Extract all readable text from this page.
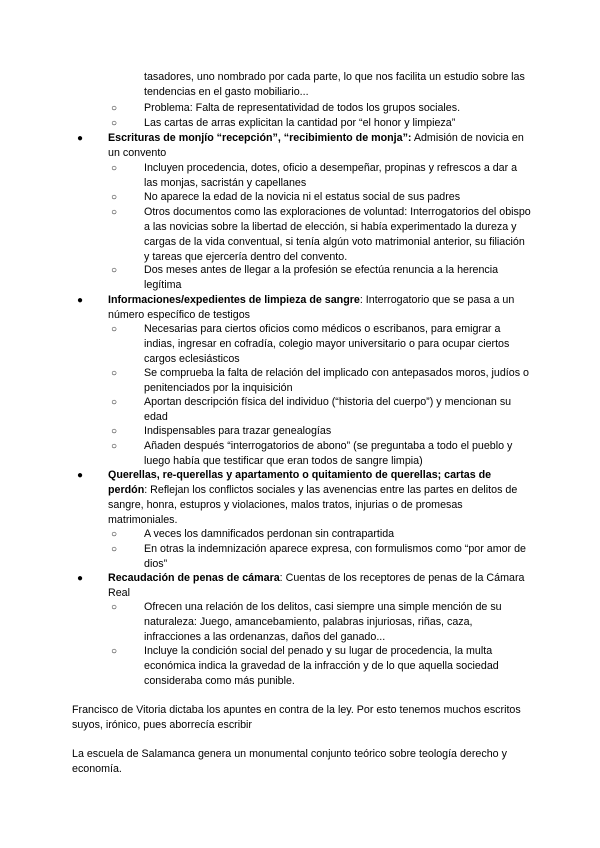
tasadores, uno nombrado por cada parte, lo que nos facilita un estudio sobre las tendencias en el gasto mobiliario...
○	Problema: Falta de representatividad de todos los grupos sociales.
○	Las cartas de arras explicitan la cantidad por “el honor y limpieza”
●	Escrituras de monjío “recepción”, “recibimiento de monja”: Admisión de novicia en un convento
○	Incluyen procedencia, dotes, oficio a desempeñar, propinas y refrescos a dar a las monjas, sacristán y capellanes
○	No aparece la edad de la novicia ni el estatus social de sus padres
○	Otros documentos como las exploraciones de voluntad: Interrogatorios del obispo a las novicias sobre la libertad de elección, si había experimentado la dureza y cargas de la vida conventual, si tenía algún voto matrimonial anterior, su filiación y tareas que ejercería dentro del convento.
○	Dos meses antes de llegar a la profesión se efectúa renuncia a la herencia legítima
●	Informaciones/expedientes de limpieza de sangre: Interrogatorio que se pasa a un número específico de testigos
○	Necesarias para ciertos oficios como médicos o escribanos, para emigrar a indias, ingresar en cofradía, colegio mayor universitario o para ocupar ciertos cargos eclesiásticos
○	Se comprueba la falta de relación del implicado con antepasados moros, judíos o penitenciados por la inquisición
○	Aportan descripción física del individuo (“historia del cuerpo”) y mencionan su edad
○	Indispensables para trazar genealogías
○	Añaden después “interrogatorios de abono” (se preguntaba a todo el pueblo y luego había que testificar que eran todos de sangre limpia)
●	Querellas, re-querellas y apartamento o quitamiento de querellas; cartas de perdón: Reflejan los conflictos sociales y las avenencias entre las partes en delitos de sangre, honra, estupros y violaciones, malos tratos, injurias o de promesas matrimoniales.
○	A veces los damnificados perdonan sin contrapartida
○	En otras la indemnización aparece expresa, con formulismos como “por amor de dios”
●	Recaudación de penas de cámara: Cuentas de los receptores de penas de la Cámara Real
○	Ofrecen una relación de los delitos, casi siempre una simple mención de su naturaleza: Juego, amancebamiento, palabras injuriosas, riñas, caza, infracciones a las ordenanzas, daños del ganado...
○	Incluye la condición social del penado y su lugar de procedencia, la multa económica indica la gravedad de la infracción y de lo que aquella sociedad consideraba como más punible.
Francisco de Vitoria dictaba los apuntes en contra de la ley. Por esto tenemos muchos escritos suyos, irónico, pues aborrecía escribir
La escuela de Salamanca genera un monumental conjunto teórico sobre teología derecho y economía.
